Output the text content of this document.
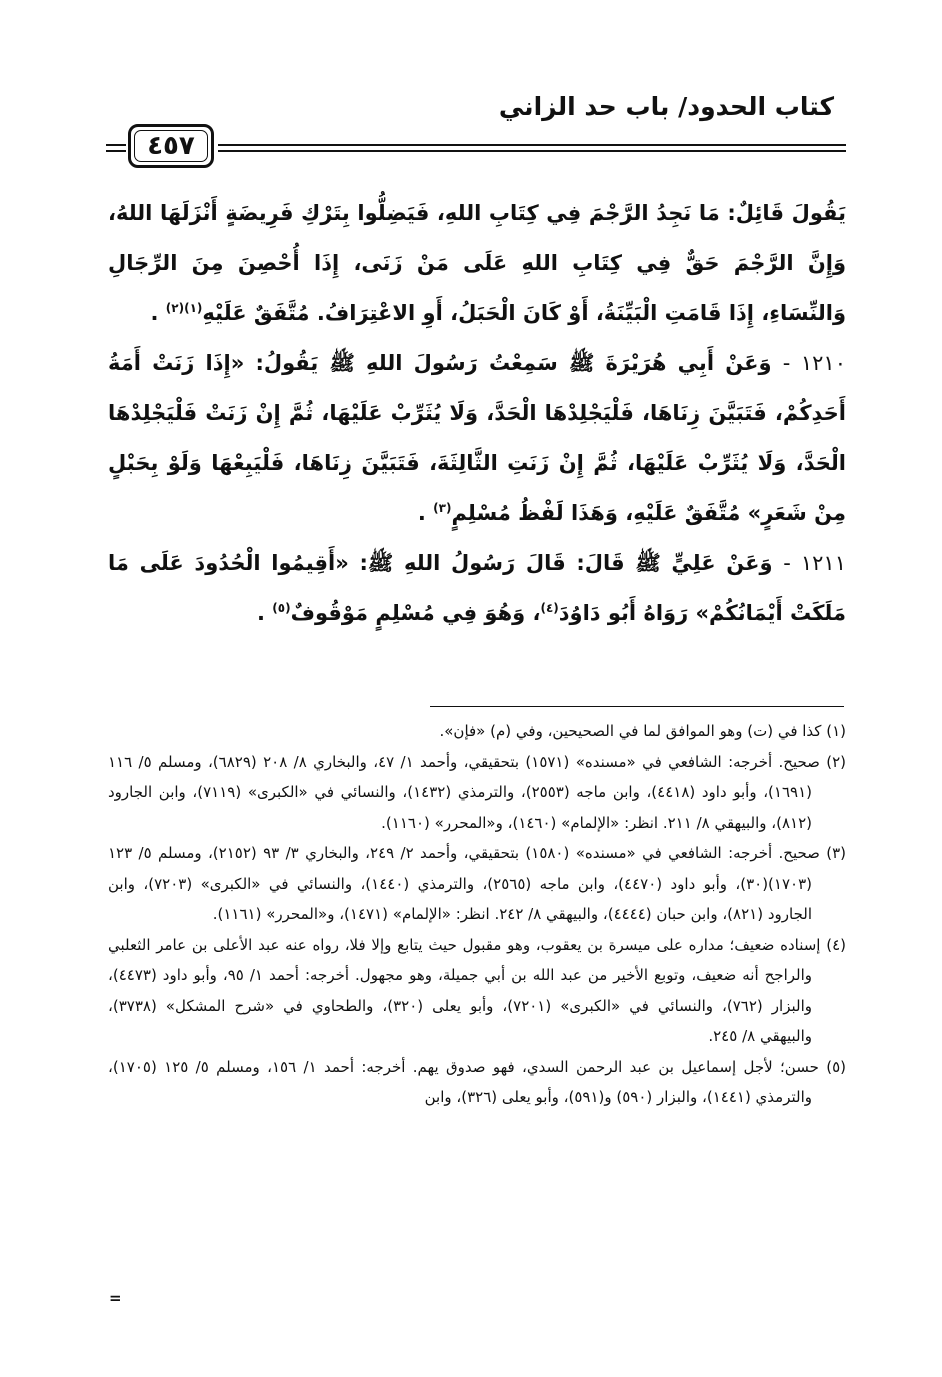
كتاب الحدود/ باب حد الزاني
٤٥٧

يَقُولَ قَائِلٌ: مَا نَجِدُ الرَّجْمَ فِي كِتَابِ اللهِ، فَيَضِلُّوا بِتَرْكِ فَرِيضَةٍ أَنْزَلَهَا اللهُ، وَإِنَّ الرَّجْمَ حَقٌّ فِي كِتَابِ اللهِ عَلَى مَنْ زَنَى، إِذَا أُحْصِنَ مِنَ الرِّجَالِ وَالنِّسَاءِ، إِذَا قَامَتِ الْبَيِّنَةُ، أَوْ كَانَ الْحَبَلُ، أَوِ الاعْتِرَافُ. مُتَّفَقٌ عَلَيْهِ$^{(١)(٢)}$ .

١٢١٠ - وَعَنْ أَبِي هُرَيْرَةَ ﷺ سَمِعْتُ رَسُولَ اللهِ ﷺ يَقُولُ: «إِذَا زَنَتْ أَمَةُ أَحَدِكُمْ، فَتَبَيَّنَ زِنَاهَا، فَلْيَجْلِدْهَا الْحَدَّ، وَلَا يُثَرِّبْ عَلَيْهَا، ثُمَّ إِنْ زَنَتْ فَلْيَجْلِدْهَا الْحَدَّ، وَلَا يُثَرِّبْ عَلَيْهَا، ثُمَّ إِنْ زَنَتِ الثَّالِثَةَ، فَتَبَيَّنَ زِنَاهَا، فَلْيَبِعْهَا وَلَوْ بِحَبْلٍ مِنْ شَعَرٍ» مُتَّفَقٌ عَلَيْهِ، وَهَذَا لَفْظُ مُسْلِمٍ$^{(٣)}$ .

١٢١١ - وَعَنْ عَلِيٍّ ﷺ قَالَ: قَالَ رَسُولُ اللهِ ﷺ: «أَقِيمُوا الْحُدُودَ عَلَى مَا مَلَكَتْ أَيْمَانُكُمْ» رَوَاهُ أَبُو دَاوُدَ$^{(٤)}$، وَهُوَ فِي مُسْلِمٍ مَوْقُوفٌ$^{(٥)}$ .

(١) كذا في (ت) وهو الموافق لما في الصحيحين، وفي (م) «فإن».

(٢) صحيح. أخرجه: الشافعي في «مسنده» (١٥٧١) بتحقيقي، وأحمد ١/ ٤٧، والبخاري ٨/ ٢٠٨ (٦٨٢٩)، ومسلم ٥/ ١١٦ (١٦٩١)، وأبو داود (٤٤١٨)، وابن ماجه (٢٥٥٣)، والترمذي (١٤٣٢)، والنسائي في «الكبرى» (٧١١٩)، وابن الجارود (٨١٢)، والبيهقي ٨/ ٢١١. انظر: «الإلمام» (١٤٦٠)، و«المحرر» (١١٦٠).

(٣) صحيح. أخرجه: الشافعي في «مسنده» (١٥٨٠) بتحقيقي، وأحمد ٢/ ٢٤٩، والبخاري ٣/ ٩٣ (٢١٥٢)، ومسلم ٥/ ١٢٣ (١٧٠٣)(٣٠)، وأبو داود (٤٤٧٠)، وابن ماجه (٢٥٦٥)، والترمذي (١٤٤٠)، والنسائي في «الكبرى» (٧٢٠٣)، وابن الجارود (٨٢١)، وابن حبان (٤٤٤٤)، والبيهقي ٨/ ٢٤٢. انظر: «الإلمام» (١٤٧١)، و«المحرر» (١١٦١).

(٤) إسناده ضعيف؛ مداره على ميسرة بن يعقوب، وهو مقبول حيث يتابع وإلا فلا، رواه عنه عبد الأعلى بن عامر الثعلبي والراجح أنه ضعيف، وتوبع الأخير من عبد الله بن أبي جميلة، وهو مجهول. أخرجه: أحمد ١/ ٩٥، وأبو داود (٤٤٧٣)، والبزار (٧٦٢)، والنسائي في «الكبرى» (٧٢٠١)، وأبو يعلى (٣٢٠)، والطحاوي في «شرح المشكل» (٣٧٣٨)، والبيهقي ٨/ ٢٤٥.

(٥) حسن؛ لأجل إسماعيل بن عبد الرحمن السدي، فهو صدوق يهم. أخرجه: أحمد ١/ ١٥٦، ومسلم ٥/ ١٢٥ (١٧٠٥)، والترمذي (١٤٤١)، والبزار (٥٩٠) و(٥٩١)، وأبو يعلى (٣٢٦)، وابن

=
